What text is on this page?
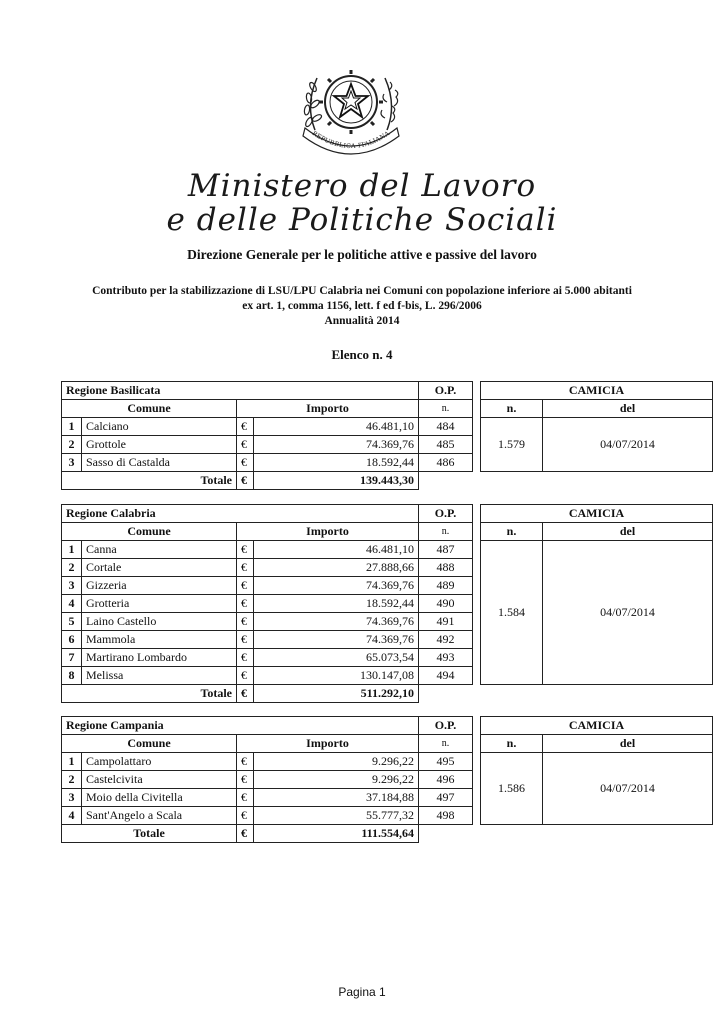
REPUBBLICA ITALIANA
Ministero del Lavoro
e delle Politiche Sociali
Direzione Generale per le politiche attive e passive del lavoro
Contributo per la stabilizzazione di LSU/LPU Calabria nei Comuni con popolazione inferiore ai 5.000 abitanti
ex art. 1, comma 1156, lett. f ed f-bis, L. 296/2006
Annualità 2014
Elenco n. 4
Regione Basilicata				O.P.		CAMICIA	
Comune		Importo		n.		n.	del
1	Calciano	€	46.481,10	484		1.579	04/07/2014
2	Grottole	€	74.369,76	485			
3	Sasso di Castalda	€	18.592,44	486			
Totale		€	139.443,30				
Regione Calabria				O.P.		CAMICIA	
Comune		Importo		n.		n.	del
1	Canna	€	46.481,10	487		1.584	04/07/2014
2	Cortale	€	27.888,66	488			
3	Gizzeria	€	74.369,76	489			
4	Grotteria	€	18.592,44	490			
5	Laino Castello	€	74.369,76	491			
6	Mammola	€	74.369,76	492			
7	Martirano Lombardo	€	65.073,54	493			
8	Melissa	€	130.147,08	494			
Totale		€	511.292,10				
Regione Campania				O.P.		CAMICIA	
Comune		Importo		n.		n.	del
1	Campolattaro	€	9.296,22	495		1.586	04/07/2014
2	Castelcivita	€	9.296,22	496			
3	Moio della Civitella	€	37.184,88	497			
4	Sant'Angelo a Scala	€	55.777,32	498			
Totale		€	111.554,64				
Pagina 1
